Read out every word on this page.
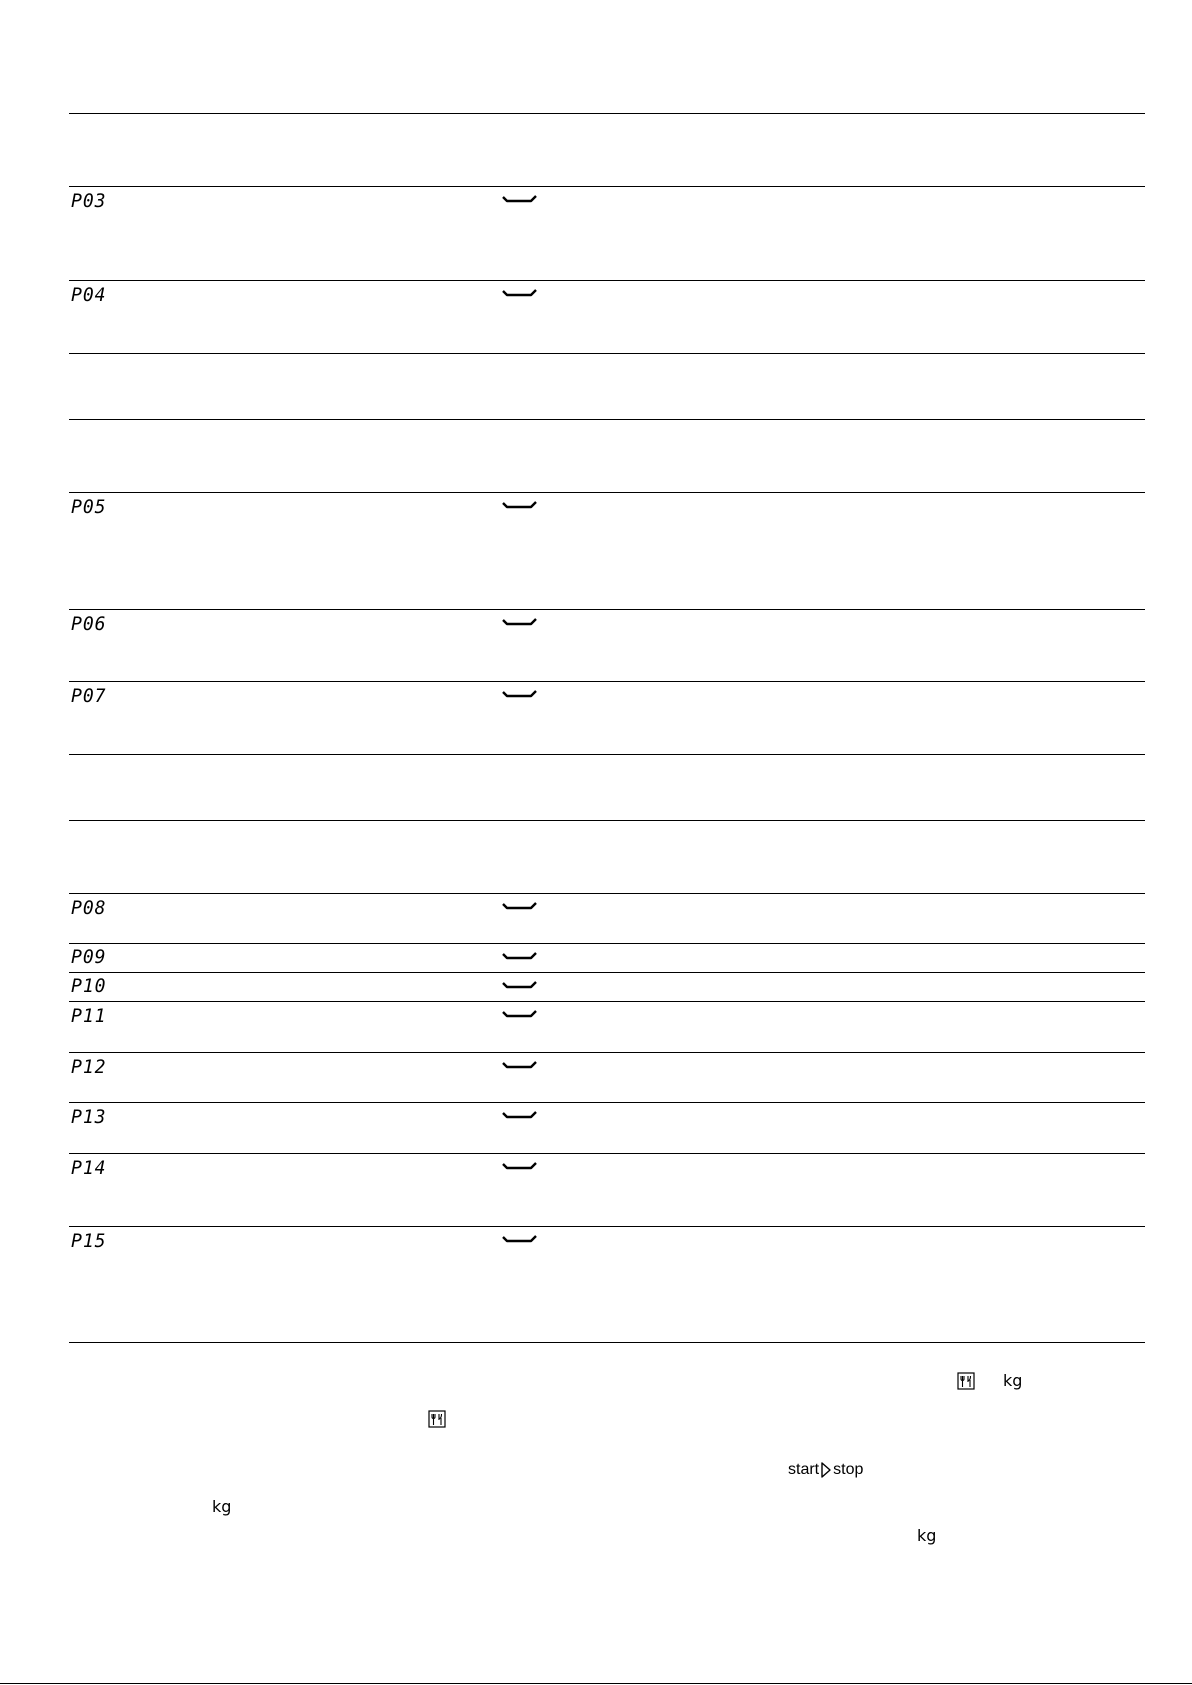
P03
P04
P05
P06
P07
P08
P09
P10
P11
P12
P13
P14
P15
kg
start stop
kg
kg
